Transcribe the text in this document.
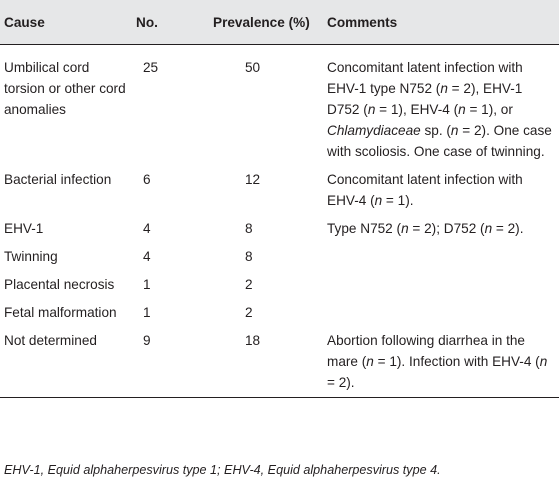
Cause	No.	Prevalence (%)	Comments
Umbilical cord torsion or other cord anomalies	25	50	Concomitant latent infection with EHV-1 type N752 (n = 2), EHV-1 D752 (n = 1), EHV-4 (n = 1), or Chlamydiaceae sp. (n = 2). One case with scoliosis. One case of twinning.
Bacterial infection	6	12	Concomitant latent infection with EHV-4 (n = 1).
EHV-1	4	8	Type N752 (n = 2); D752 (n = 2).
Twinning	4	8	
Placental necrosis	1	2	
Fetal malformation	1	2	
Not determined	9	18	Abortion following diarrhea in the mare (n = 1). Infection with EHV-4 (n = 2).
EHV-1, Equid alphaherpesvirus type 1; EHV-4, Equid alphaherpesvirus type 4.
